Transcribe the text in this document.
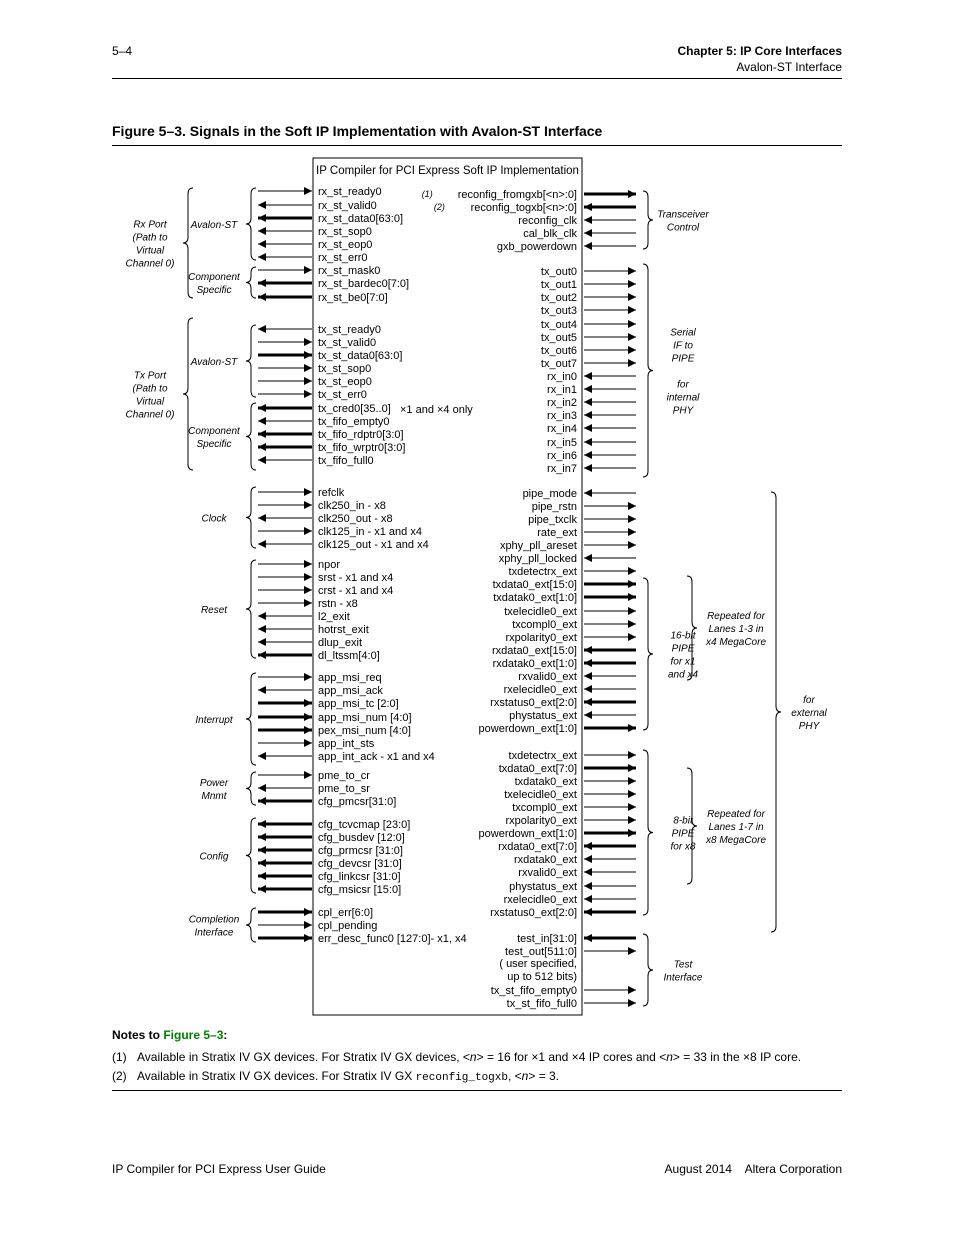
5–4	Chapter 5: IP Core Interfaces
Avalon-ST Interface
Figure 5–3. Signals in the Soft IP Implementation with Avalon-ST Interface
IP Compiler for PCI Express Soft IP Implementation
rx_st_ready0
rx_st_valid0
rx_st_data0[63:0]
rx_st_sop0
rx_st_eop0
rx_st_err0
rx_st_mask0
rx_st_bardec0[7:0]
rx_st_be0[7:0]
tx_st_ready0
tx_st_valid0
tx_st_data0[63:0]
tx_st_sop0
tx_st_eop0
tx_st_err0
tx_cred0[35..0]
tx_fifo_empty0
tx_fifo_rdptr0[3:0]
tx_fifo_wrptr0[3:0]
tx_fifo_full0
refclk
clk250_in - x8
clk250_out - x8
clk125_in - x1 and x4
clk125_out - x1 and x4
npor
srst - x1 and x4
crst - x1 and x4
rstn - x8
l2_exit
hotrst_exit
dlup_exit
dl_ltssm[4:0]
app_msi_req
app_msi_ack
app_msi_tc [2:0]
app_msi_num [4:0]
pex_msi_num [4:0]
app_int_sts
app_int_ack - x1 and x4
pme_to_cr
pme_to_sr
cfg_pmcsr[31:0]
cfg_tcvcmap [23:0]
cfg_busdev [12:0]
cfg_prmcsr [31:0]
cfg_devcsr [31:0]
cfg_linkcsr [31:0]
cfg_msicsr [15:0]
cpl_err[6:0]
cpl_pending
err_desc_func0 [127:0]- x1, x4
×1 and ×4 only
reconfig_fromgxb[<n>:0]
(1)
reconfig_togxb[<n>:0]
(2)
reconfig_clk
cal_blk_clk
gxb_powerdown
tx_out0
tx_out1
tx_out2
tx_out3
tx_out4
tx_out5
tx_out6
tx_out7
rx_in0
rx_in1
rx_in2
rx_in3
rx_in4
rx_in5
rx_in6
rx_in7
pipe_mode
pipe_rstn
pipe_txclk
rate_ext
xphy_pll_areset
xphy_pll_locked
txdetectrx_ext
txdata0_ext[15:0]
txdatak0_ext[1:0]
txelecidle0_ext
txcompl0_ext
rxpolarity0_ext
rxdata0_ext[15:0]
rxdatak0_ext[1:0]
rxvalid0_ext
rxelecidle0_ext
rxstatus0_ext[2:0]
phystatus_ext
powerdown_ext[1:0]
txdetectrx_ext
txdata0_ext[7:0]
txdatak0_ext
txelecidle0_ext
txcompl0_ext
rxpolarity0_ext
powerdown_ext[1:0]
rxdata0_ext[7:0]
rxdatak0_ext
rxvalid0_ext
phystatus_ext
rxelecidle0_ext
rxstatus0_ext[2:0]
test_in[31:0]
test_out[511:0]
( user specified,
up to 512 bits)
tx_st_fifo_empty0
tx_st_fifo_full0
Rx Port
(Path to
Virtual
Channel 0)
Tx Port
(Path to
Virtual
Channel 0)
Avalon-ST
Component
Specific
Avalon-ST
Component
Specific
Clock
Reset
Interrupt
Power
Mnmt
Config
Completion
Interface
Transceiver
Control
Serial
IF to
PIPE
for
internal
PHY
16-bit
PIPE
for x1
and x4
8-bit
PIPE
for x8
Test
Interface
Repeated for
Lanes 1-3 in
x4 MegaCore
Repeated for
Lanes 1-7 in
x8 MegaCore
for
external
PHY
Notes to Figure 5–3:
(1) Available in Stratix IV GX devices. For Stratix IV GX devices, <n> = 16 for ×1 and ×4 IP cores and <n> = 33 in the ×8 IP core.
(2) Available in Stratix IV GX devices. For Stratix IV GX reconfig_togxb, <n> = 3.
IP Compiler for PCI Express User Guide	August 2014    Altera Corporation
